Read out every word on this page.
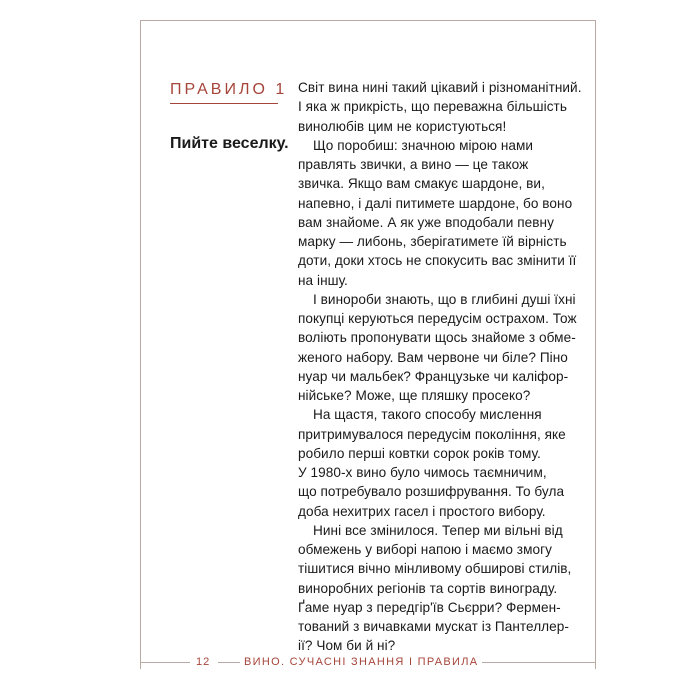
ПРАВИЛО 1
Пийте веселку.
Світ вина нині такий цікавий і різноманітний.
І яка ж прикрість, що переважна більшість
винолюбів цим не користуються!
Що поробиш: значною мірою нами
правлять звички, а вино — це також
звичка. Якщо вам смакує шардоне, ви,
напевно, і далі питимете шардоне, бо воно
вам знайоме. А як уже вподобали певну
марку — либонь, зберігатимете їй вірність
доти, доки хтось не спокусить вас змінити її
на іншу.
І винороби знають, що в глибині душі їхні
покупці керуються передусім острахом. Тож
воліють пропонувати щось знайоме з обме-
женого набору. Вам червоне чи біле? Піно
нуар чи мальбек? Французьке чи каліфор-
нійське? Може, ще пляшку просеко?
На щастя, такого способу мислення
притримувалося передусім покоління, яке
робило перші ковтки сорок років тому.
У 1980-х вино було чимось таємничим,
що потребувало розшифрування. То була
доба нехитрих гасел і простого вибору.
Нині все змінилося. Тепер ми вільні від
обмежень у виборі напою і маємо змогу
тішитися вічно мінливому обширові стилів,
виноробних регіонів та сортів винограду.
Ґаме нуар з передгір'їв Сьєрри? Фермен-
тований з вичавками мускат із Пантеллер-
ії? Чом би й ні?
12	ВИНО. СУЧАСНІ ЗНАННЯ І ПРАВИЛА
